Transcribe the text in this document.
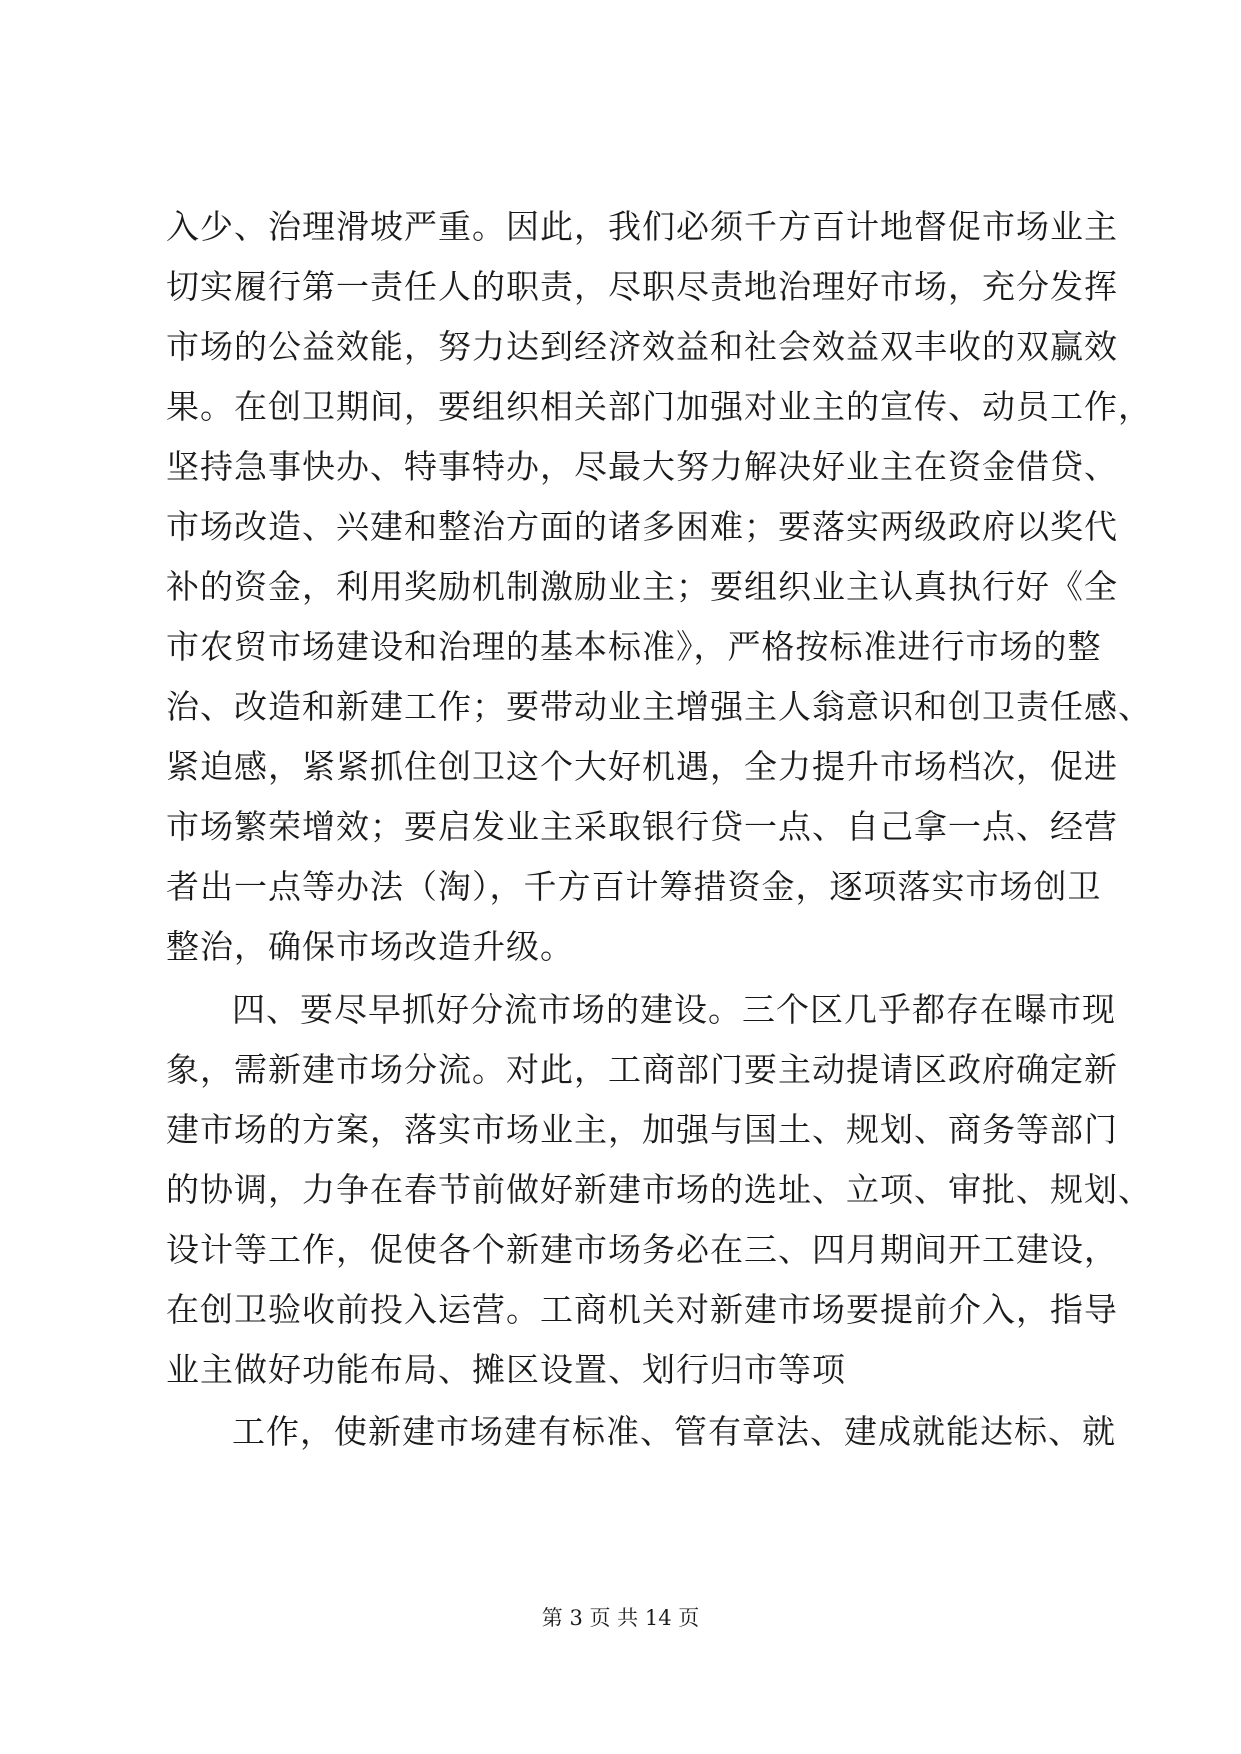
入少、治理滑坡严重。因此，我们必须千方百计地督促市场业主
切实履行第一责任人的职责，尽职尽责地治理好市场，充分发挥
市场的公益效能，努力达到经济效益和社会效益双丰收的双赢效
果。在创卫期间，要组织相关部门加强对业主的宣传、动员工作，
坚持急事快办、特事特办，尽最大努力解决好业主在资金借贷、
市场改造、兴建和整治方面的诸多困难；要落实两级政府以奖代
补的资金，利用奖励机制激励业主；要组织业主认真执行好《全
市农贸市场建设和治理的基本标准》，严格按标准进行市场的整
治、改造和新建工作；要带动业主增强主人翁意识和创卫责任感、
紧迫感，紧紧抓住创卫这个大好机遇，全力提升市场档次，促进
市场繁荣增效；要启发业主采取银行贷一点、自己拿一点、经营
者出一点等办法（淘），千方百计筹措资金，逐项落实市场创卫
整治，确保市场改造升级。
四、要尽早抓好分流市场的建设。三个区几乎都存在曝市现
象，需新建市场分流。对此，工商部门要主动提请区政府确定新
建市场的方案，落实市场业主，加强与国土、规划、商务等部门
的协调，力争在春节前做好新建市场的选址、立项、审批、规划、
设计等工作，促使各个新建市场务必在三、四月期间开工建设，
在创卫验收前投入运营。工商机关对新建市场要提前介入，指导
业主做好功能布局、摊区设置、划行归市等项
工作，使新建市场建有标准、管有章法、建成就能达标、就
第 3 页 共 14 页
